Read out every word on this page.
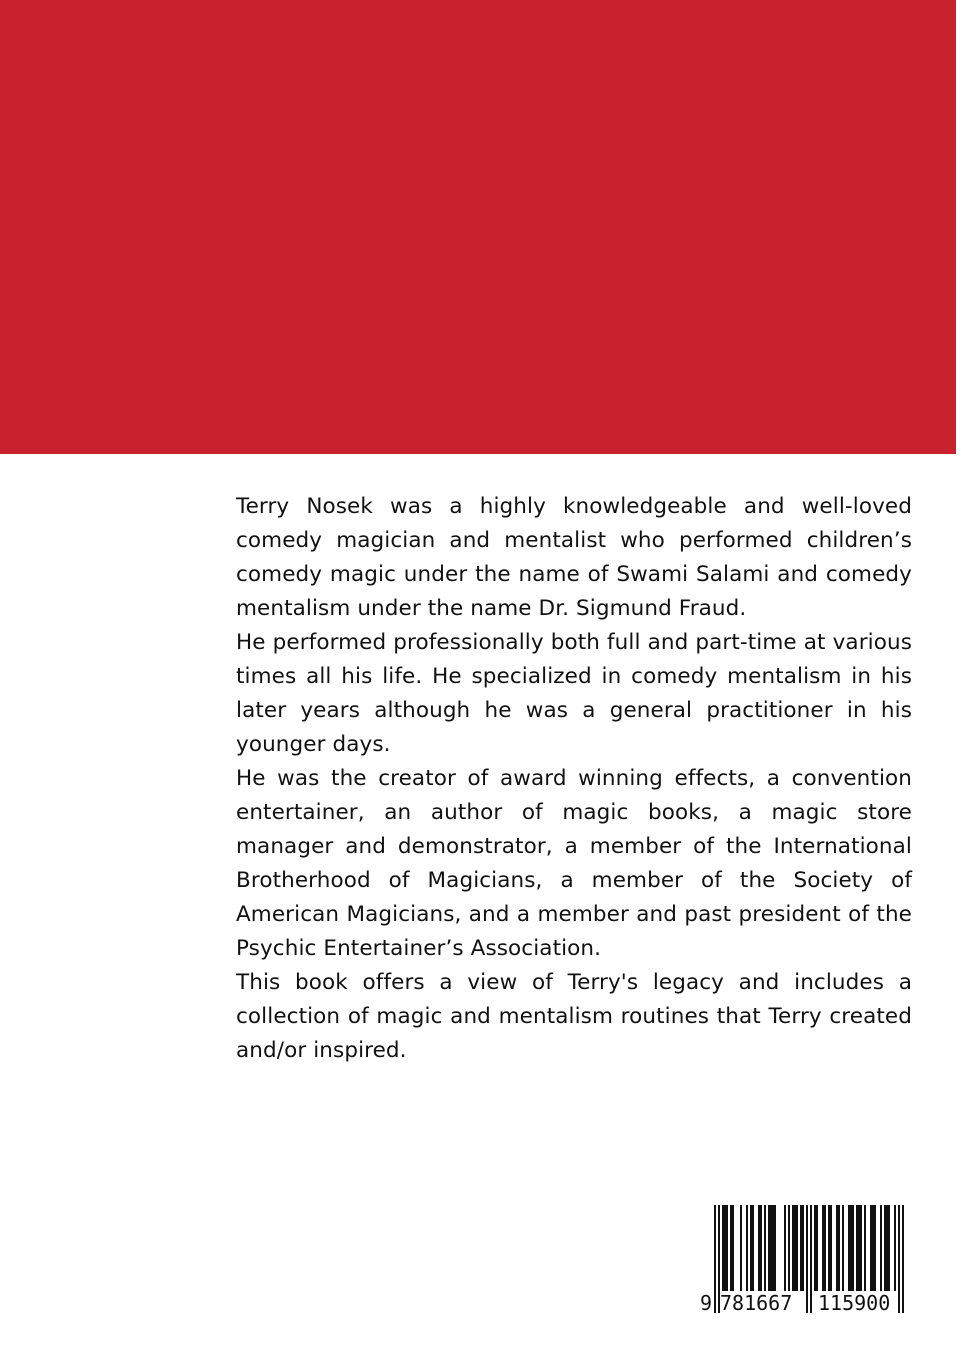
Terry Nosek was a highly knowledgeable and well-loved comedy magician and mentalist who performed children’s comedy magic under the name of Swami Salami and comedy mentalism under the name Dr. Sigmund Fraud.

He performed professionally both full and part-time at various times all his life. He specialized in comedy mentalism in his later years although he was a general practitioner in his younger days.

He was the creator of award winning effects, a convention entertainer, an author of magic books, a magic store manager and demonstrator, a member of the International Brotherhood of Magicians, a member of the Society of American Magicians, and a member and past president of the Psychic Entertainer’s Association.

This book offers a view of Terry's legacy and includes a collection of magic and mentalism routines that Terry created and/or inspired.

9 781667 115900
